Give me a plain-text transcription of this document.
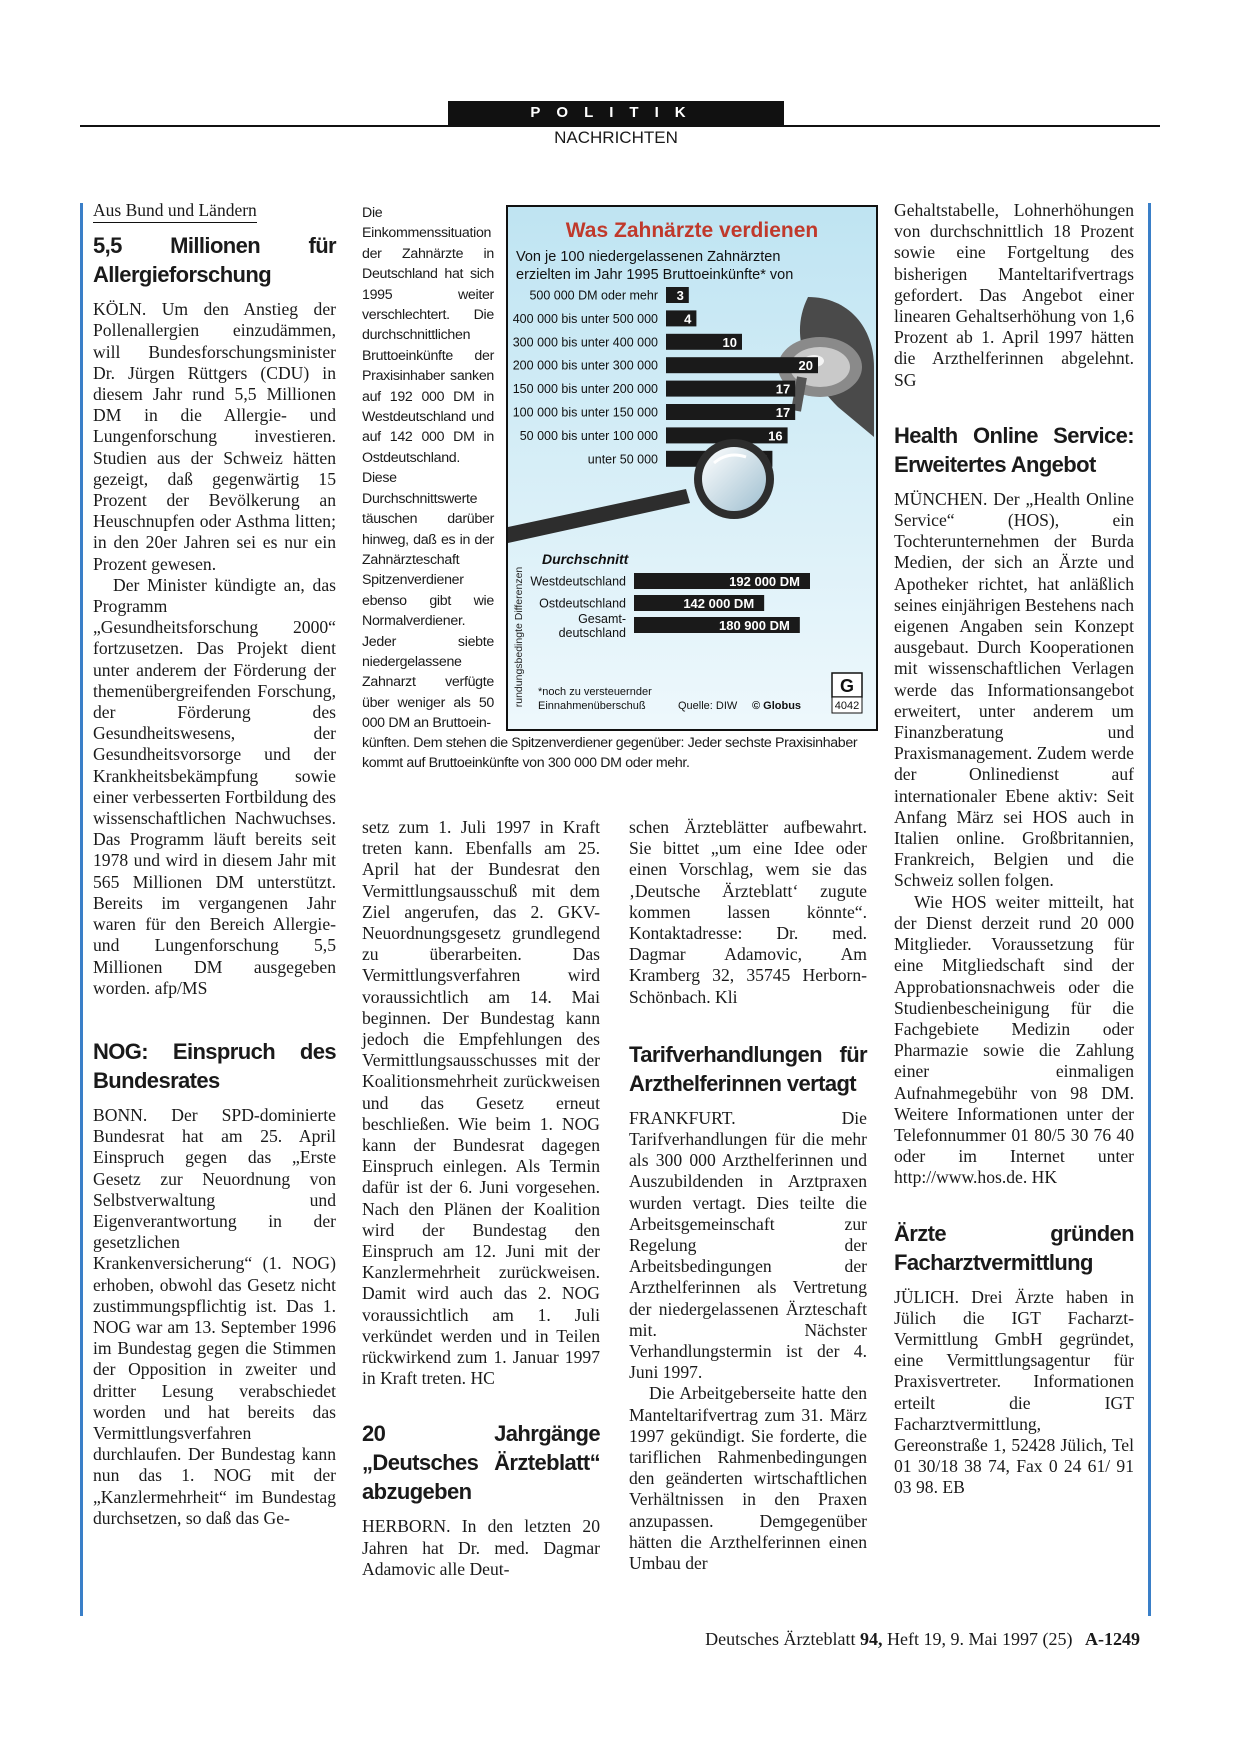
POLITIK
NACHRICHTEN
Aus Bund und Ländern
5,5 Millionen für Allergieforschung

KÖLN. Um den Anstieg der Pollenallergien einzudämmen, will Bundesforschungsminister Dr. Jürgen Rüttgers (CDU) in diesem Jahr rund 5,5 Millionen DM in die Allergie- und Lungenforschung investieren. Studien aus der Schweiz hätten gezeigt, daß gegenwärtig 15 Prozent der Bevölkerung an Heuschnupfen oder Asthma litten; in den 20er Jahren sei es nur ein Prozent gewesen.

Der Minister kündigte an, das Programm „Gesundheitsforschung 2000“ fortzusetzen. Das Projekt dient unter anderem der Förderung der themenübergreifenden Forschung, der Förderung des Gesundheitswesens, der Gesundheitsvorsorge und der Krankheitsbekämpfung sowie einer verbesserten Fortbildung des wissenschaftlichen Nachwuchses. Das Programm läuft bereits seit 1978 und wird in diesem Jahr mit 565 Millionen DM unterstützt. Bereits im vergangenen Jahr waren für den Bereich Allergie- und Lungenforschung 5,5 Millionen DM ausgegeben worden. afp/MS

NOG: Einspruch des Bundesrates

BONN. Der SPD-dominierte Bundesrat hat am 25. April Einspruch gegen das „Erste Gesetz zur Neuordnung von Selbstverwaltung und Eigenverantwortung in der gesetzlichen Krankenversicherung“ (1. NOG) erhoben, obwohl das Gesetz nicht zustimmungspflichtig ist. Das 1. NOG war am 13. September 1996 im Bundestag gegen die Stimmen der Opposition in zweiter und dritter Lesung verabschiedet worden und hat bereits das Vermittlungsverfahren durchlaufen. Der Bundestag kann nun das 1. NOG mit der „Kanzlermehrheit“ im Bundestag durchsetzen, so daß das Ge-

Die Einkommenssituation der Zahnärzte in Deutschland hat sich 1995 weiter verschlechtert. Die durchschnittlichen Bruttoeinkünfte der Praxisinhaber sanken auf 192 000 DM in Westdeutschland und auf 142 000 DM in Ostdeutschland. Diese Durchschnittswerte täuschen darüber hinweg, daß es in der Zahnärzteschaft Spitzenverdiener ebenso gibt wie Normalverdiener. Jeder siebte niedergelassene Zahnarzt verfügte über weniger als 50 000 DM an Bruttoein-
künften. Dem stehen die Spitzenverdiener gegenüber: Jeder sechste Praxisinhaber kommt auf Bruttoeinkünfte von 300 000 DM oder mehr.
Was Zahnärzte verdienen
Von je 100 niedergelassenen Zahnärzten
erzielten im Jahr 1995 Bruttoeinkünfte* von
500 000 DM oder mehr 3
400 000 bis unter 500 000 4
300 000 bis unter 400 000	10
200 000 bis unter 300 000	20
150 000 bis unter 200 000	17
100 000 bis unter 150 000	17
50 000 bis unter 100 000	16
unter 50 000
rundungsbedingte Differenzen
Durchschnitt
Westdeutschland	192 000 DM
Ostdeutschland	142 000 DM
Gesamt-
deutschland	180 900 DM
*noch zu versteuernder
Einnahmenüberschuß	Quelle: DIW © Globus
G
4042

setz zum 1. Juli 1997 in Kraft treten kann. Ebenfalls am 25. April hat der Bundesrat den Vermittlungsausschuß mit dem Ziel angerufen, das 2. GKV-Neuordnungsgesetz grundlegend zu überarbeiten. Das Vermittlungsverfahren wird voraussichtlich am 14. Mai beginnen. Der Bundestag kann jedoch die Empfehlungen des Vermittlungsausschusses mit der Koalitionsmehrheit zurückweisen und das Gesetz erneut beschließen. Wie beim 1. NOG kann der Bundesrat dagegen Einspruch einlegen. Als Termin dafür ist der 6. Juni vorgesehen. Nach den Plänen der Koalition wird der Bundestag den Einspruch am 12. Juni mit der Kanzlermehrheit zurückweisen. Damit wird auch das 2. NOG voraussichtlich am 1. Juli verkündet werden und in Teilen rückwirkend zum 1. Januar 1997 in Kraft treten. HC

20 Jahrgänge „Deutsches Ärzteblatt“ abzugeben

HERBORN. In den letzten 20 Jahren hat Dr. med. Dagmar Adamovic alle Deut-

schen Ärzteblätter aufbewahrt. Sie bittet „um eine Idee oder einen Vorschlag, wem sie das ‚Deutsche Ärzteblatt‘ zugute kommen lassen könnte“. Kontaktadresse: Dr. med. Dagmar Adamovic, Am Kramberg 32, 35745 Herborn-Schönbach. Kli

Tarifverhandlungen für Arzthelferinnen vertagt

FRANKFURT. Die Tarifverhandlungen für die mehr als 300 000 Arzthelferinnen und Auszubildenden in Arztpraxen wurden vertagt. Dies teilte die Arbeitsgemeinschaft zur Regelung der Arbeitsbedingungen der Arzthelferinnen als Vertretung der niedergelassenen Ärzteschaft mit. Nächster Verhandlungstermin ist der 4. Juni 1997.

Die Arbeitgeberseite hatte den Manteltarifvertrag zum 31. März 1997 gekündigt. Sie forderte, die tariflichen Rahmenbedingungen den geänderten wirtschaftlichen Verhältnissen in den Praxen anzupassen. Demgegenüber hätten die Arzthelferinnen einen Umbau der

Gehaltstabelle, Lohnerhöhungen von durchschnittlich 18 Prozent sowie eine Fortgeltung des bisherigen Manteltarifvertrags gefordert. Das Angebot einer linearen Gehaltserhöhung von 1,6 Prozent ab 1. April 1997 hätten die Arzthelferinnen abgelehnt. SG

Health Online Service: Erweitertes Angebot

MÜNCHEN. Der „Health Online Service“ (HOS), ein Tochterunternehmen der Burda Medien, der sich an Ärzte und Apotheker richtet, hat anläßlich seines einjährigen Bestehens nach eigenen Angaben sein Konzept ausgebaut. Durch Kooperationen mit wissenschaftlichen Verlagen werde das Informationsangebot erweitert, unter anderem um Finanzberatung und Praxismanagement. Zudem werde der Onlinedienst auf internationaler Ebene aktiv: Seit Anfang März sei HOS auch in Italien online. Großbritannien, Frankreich, Belgien und die Schweiz sollen folgen.

Wie HOS weiter mitteilt, hat der Dienst derzeit rund 20 000 Mitglieder. Voraussetzung für eine Mitgliedschaft sind der Approbationsnachweis oder die Studienbescheinigung für die Fachgebiete Medizin oder Pharmazie sowie die Zahlung einer einmaligen Aufnahmegebühr von 98 DM. Weitere Informationen unter der Telefonnummer 01 80/5 30 76 40 oder im Internet unter http://www.hos.de. HK

Ärzte gründen Facharztvermittlung

JÜLICH. Drei Ärzte haben in Jülich die IGT Facharzt-Vermittlung GmbH gegründet, eine Vermittlungsagentur für Praxisvertreter. Informationen erteilt die IGT Facharztvermittlung, Gereonstraße 1, 52428 Jülich, Tel 01 30/18 38 74, Fax 0 24 61/ 91 03 98. EB

Deutsches Ärzteblatt 94, Heft 19, 9. Mai 1997 (25) A-1249
